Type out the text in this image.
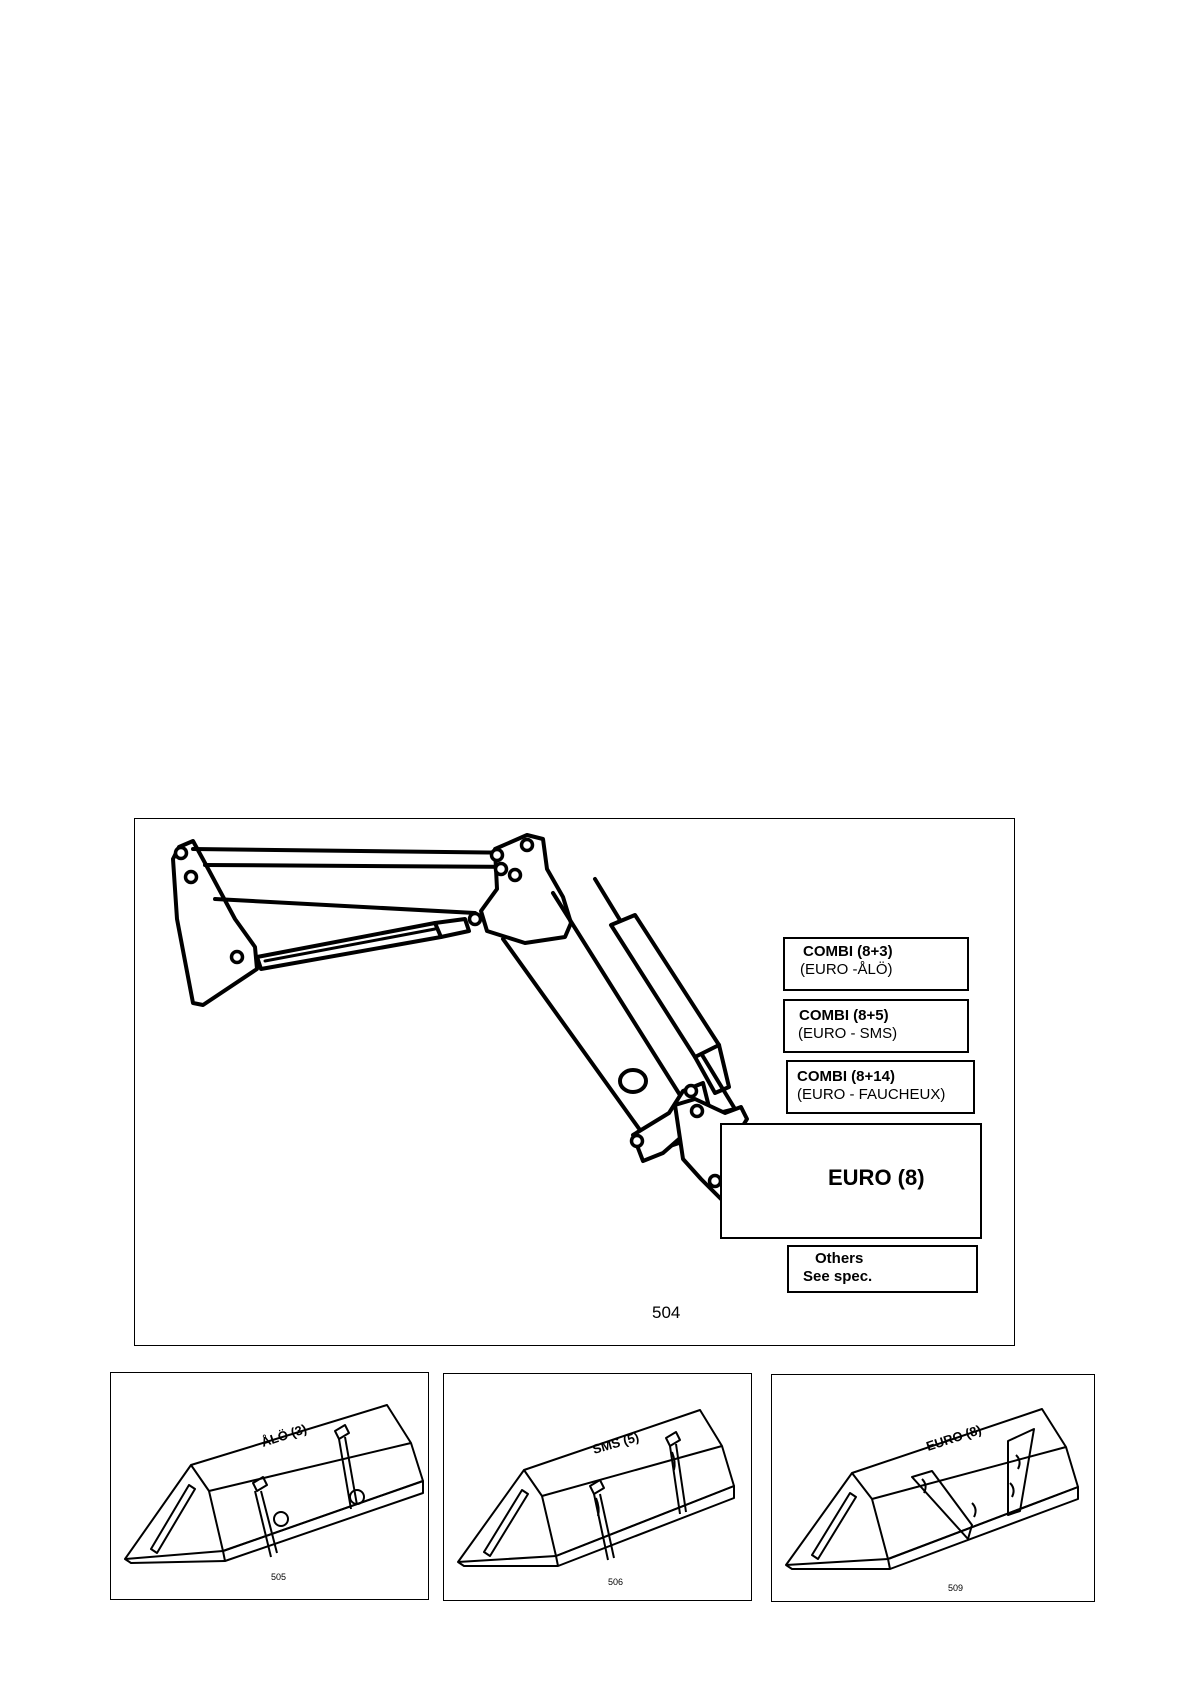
COMBI (8+3)
(EURO -ÅLÖ)
COMBI (8+5)
(EURO - SMS)
COMBI (8+14)
(EURO - FAUCHEUX)
EURO (8)
Others
See spec.
504
ÅLÖ (3)
505
SMS (5)
506
EURO (8)
509
